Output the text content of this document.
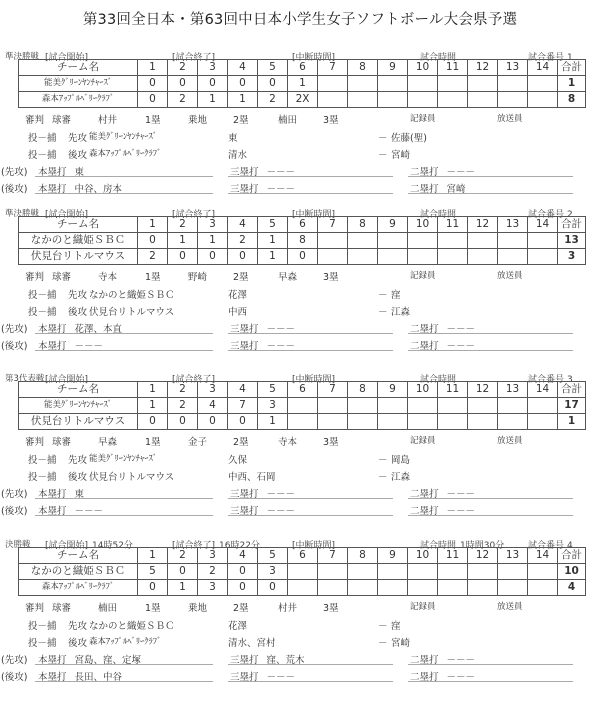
第33回全日本・第63回中日本小学生女子ソフトボール大会県予選
準決勝戦 [試合開始]	[試合終了]	[中断時間]	試合時間	試合番号 1
チーム名	1	2	3	4	5	6	7	8	9	10	11	12	13	14	合計
能美ｸﾞﾘｰﾝﾔﾝﾁｬｰｽﾞ	0	0	0	0	0	1									1
森本ｱｯﾌﾟﾙﾍﾞﾘｰｸﾗﾌﾞ	0	2	1	1	2	2X									8
審判 球審	村井	1塁	乗地	2塁	楠田	3塁	記録員	放送員
投－捕 先攻 能美ｸﾞﾘｰﾝﾔﾝﾁｬｰｽﾞ	東	－ 佐藤(聖)
投－捕 後攻 森本ｱｯﾌﾟﾙﾍﾞﾘｰｸﾗﾌﾞ	清水	－ 宮崎
(先攻) 本塁打 東	三塁打 －－－	二塁打 －－－
(後攻) 本塁打 中谷、房本	三塁打 －－－	二塁打 宮崎
準決勝戦 [試合開始]	[試合終了]	[中断時間]	試合時間	試合番号 2
チーム名	1	2	3	4	5	6	7	8	9	10	11	12	13	14	合計
なかのと織姫ＳＢＣ	0	1	1	2	1	8									13
伏見台リトルマウス	2	0	0	0	1	0									3
審判 球審	寺本	1塁	野崎	2塁	早森	3塁	記録員	放送員
投－捕 先攻 なかのと織姫ＳＢＣ	花澤	－ 窪
投－捕 後攻 伏見台リトルマウス	中西	－ 江森
(先攻) 本塁打 花澤、本直	三塁打 －－－	二塁打 －－－
(後攻) 本塁打 －－－	三塁打 －－－	二塁打 －－－
第3代表戦 [試合開始]	[試合終了]	[中断時間]	試合時間	試合番号 3
チーム名	1	2	3	4	5	6	7	8	9	10	11	12	13	14	合計
能美ｸﾞﾘｰﾝﾔﾝﾁｬｰｽﾞ	1	2	4	7	3										17
伏見台リトルマウス	0	0	0	0	1										1
審判 球審	早森	1塁	金子	2塁	寺本	3塁	記録員	放送員
投－捕 先攻 能美ｸﾞﾘｰﾝﾔﾝﾁｬｰｽﾞ	久保	－ 岡島
投－捕 後攻 伏見台リトルマウス	中西、石岡	－ 江森
(先攻) 本塁打 東	三塁打 －－－	二塁打 －－－
(後攻) 本塁打 －－－	三塁打 －－－	二塁打 －－－
決勝戦 [試合開始] 14時52分	[試合終了] 16時22分	[中断時間]	試合時間 1時間30分	試合番号 4
チーム名	1	2	3	4	5	6	7	8	9	10	11	12	13	14	合計
なかのと織姫ＳＢＣ	5	0	2	0	3										10
森本ｱｯﾌﾟﾙﾍﾞﾘｰｸﾗﾌﾞ	0	1	3	0	0										4
審判 球審	楠田	1塁	乗地	2塁	村井	3塁	記録員	放送員
投－捕 先攻 なかのと織姫ＳＢＣ	花澤	－ 窪
投－捕 後攻 森本ｱｯﾌﾟﾙﾍﾞﾘｰｸﾗﾌﾞ	清水、宮村	－ 宮崎
(先攻) 本塁打 宮島、窪、定塚	三塁打 窪、荒木	二塁打 －－－
(後攻) 本塁打 長田、中谷	三塁打 －－－	二塁打 －－－
